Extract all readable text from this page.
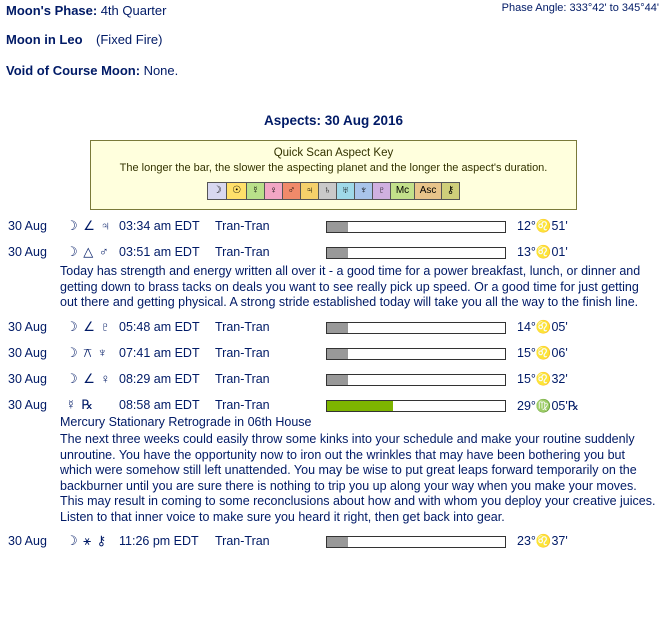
Moon's Phase: 4th Quarter	Phase Angle: 333°42' to 345°44'
Moon in Leo (Fixed Fire)
Void of Course Moon: None.
Aspects: 30 Aug 2016
Quick Scan Aspect Key
The longer the bar, the slower the aspecting planet and the longer the aspect's duration.
☽	☉	☿	♀	♂	♃	♄	♅	♆	♇	Mc	Asc	⚷
30 Aug ☽ ∠ ♃ 03:34 am EDT Tran-Tran	12°♌51'
30 Aug ☽ △ ♂ 03:51 am EDT Tran-Tran	13°♌01'
Today has strength and energy written all over it - a good time for a power breakfast, lunch, or dinner and getting down to brass tacks on deals you want to see really pick up speed. Or a good time for just getting out there and getting physical. A strong stride established today will take you all the way to the finish line.
30 Aug ☽ ∠ ♇ 05:48 am EDT Tran-Tran	14°♌05'
30 Aug ☽ ⚻ ♆ 07:41 am EDT Tran-Tran	15°♌06'
30 Aug ☽ ∠ ♀ 08:29 am EDT Tran-Tran	15°♌32'
30 Aug ☿ ℞ 08:58 am EDT Tran-Tran	29°♍05'℞
Mercury Stationary Retrograde in 06th House
The next three weeks could easily throw some kinks into your schedule and make your routine suddenly unroutine. You have the opportunity now to iron out the wrinkles that may have been bothering you but which were somehow still left unattended. You may be wise to put great leaps forward temporarily on the backburner until you are sure there is nothing to trip you up along your way when you make your moves. This may result in coming to some reconclusions about how and with whom you deploy your creative juices. Listen to that inner voice to make sure you heard it right, then get back into gear.
30 Aug ☽ ⚹ ⚷ 11:26 pm EDT Tran-Tran	23°♌37'
